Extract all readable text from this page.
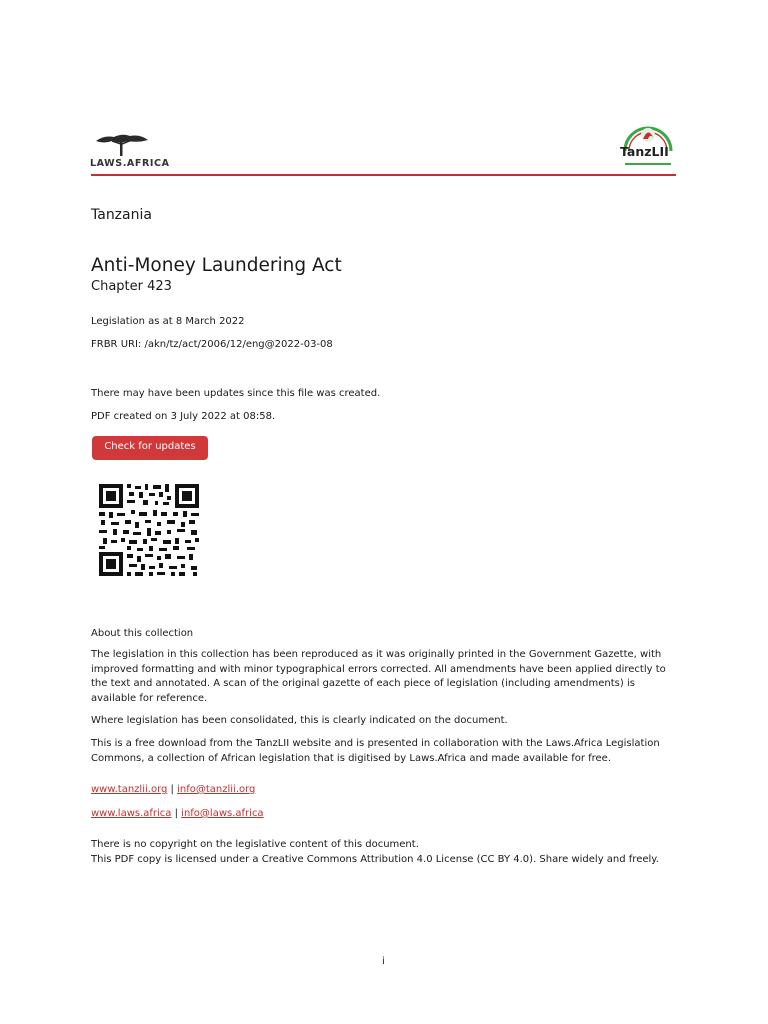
LAWS.AFRICA
TanzLII
Tanzania
Anti-Money Laundering Act
Chapter 423
Legislation as at 8 March 2022
FRBR URI: /akn/tz/act/2006/12/eng@2022-03-08
There may have been updates since this file was created.
PDF created on 3 July 2022 at 08:58.
Check for updates
About this collection

The legislation in this collection has been reproduced as it was originally printed in the Government Gazette, with improved formatting and with minor typographical errors corrected. All amendments have been applied directly to the text and annotated. A scan of the original gazette of each piece of legislation (including amendments) is available for reference.

Where legislation has been consolidated, this is clearly indicated on the document.

This is a free download from the TanzLII website and is presented in collaboration with the Laws.Africa Legislation Commons, a collection of African legislation that is digitised by Laws.Africa and made available for free.

www.tanzlii.org | info@tanzlii.org
www.laws.africa | info@laws.africa
There is no copyright on the legislative content of this document.
This PDF copy is licensed under a Creative Commons Attribution 4.0 License (CC BY 4.0). Share widely and freely.
i
